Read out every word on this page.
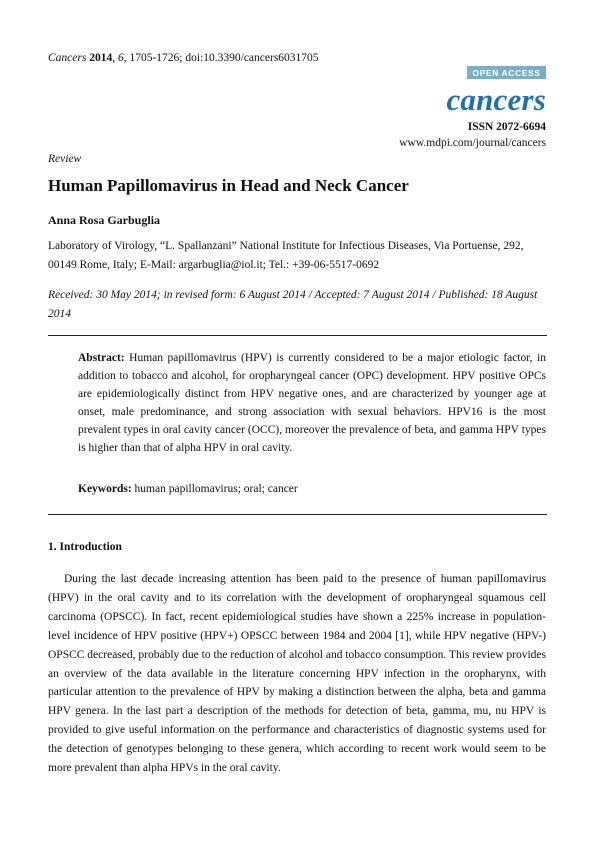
Cancers 2014, 6, 1705-1726; doi:10.3390/cancers6031705
OPEN ACCESS
cancers
ISSN 2072-6694
www.mdpi.com/journal/cancers
Review
Human Papillomavirus in Head and Neck Cancer
Anna Rosa Garbuglia
Laboratory of Virology, “L. Spallanzani” National Institute for Infectious Diseases, Via Portuense, 292, 00149 Rome, Italy; E-Mail: argarbuglia@iol.it; Tel.: +39-06-5517-0692
Received: 30 May 2014; in revised form: 6 August 2014 / Accepted: 7 August 2014 / Published: 18 August 2014
Abstract: Human papillomavirus (HPV) is currently considered to be a major etiologic factor, in addition to tobacco and alcohol, for oropharyngeal cancer (OPC) development. HPV positive OPCs are epidemiologically distinct from HPV negative ones, and are characterized by younger age at onset, male predominance, and strong association with sexual behaviors. HPV16 is the most prevalent types in oral cavity cancer (OCC), moreover the prevalence of beta, and gamma HPV types is higher than that of alpha HPV in oral cavity.
Keywords: human papillomavirus; oral; cancer
1. Introduction

During the last decade increasing attention has been paid to the presence of human papillomavirus (HPV) in the oral cavity and to its correlation with the development of oropharyngeal squamous cell carcinoma (OPSCC). In fact, recent epidemiological studies have shown a 225% increase in population-level incidence of HPV positive (HPV+) OPSCC between 1984 and 2004 [1], while HPV negative (HPV-) OPSCC decreased, probably due to the reduction of alcohol and tobacco consumption. This review provides an overview of the data available in the literature concerning HPV infection in the oropharynx, with particular attention to the prevalence of HPV by making a distinction between the alpha, beta and gamma HPV genera. In the last part a description of the methods for detection of beta, gamma, mu, nu HPV is provided to give useful information on the performance and characteristics of diagnostic systems used for the detection of genotypes belonging to these genera, which according to recent work would seem to be more prevalent than alpha HPVs in the oral cavity.
